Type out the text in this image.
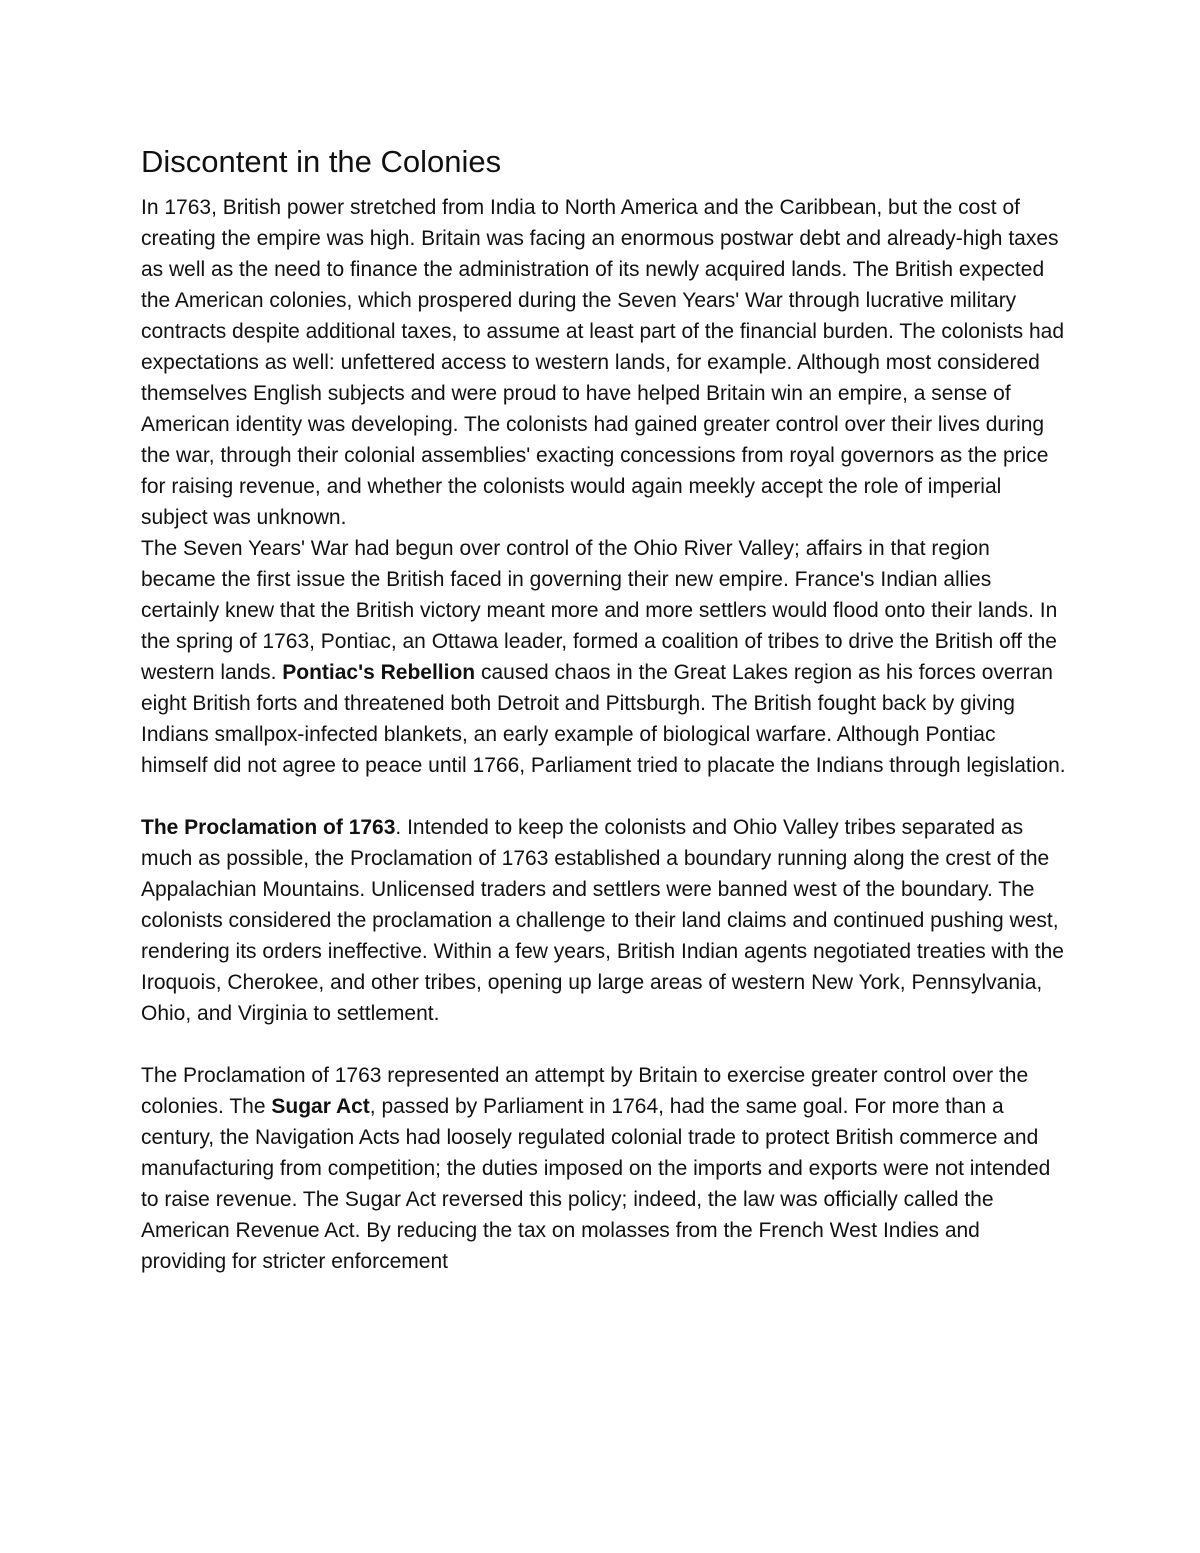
Discontent in the Colonies

In 1763, British power stretched from India to North America and the Caribbean, but the cost of creating the empire was high. Britain was facing an enormous postwar debt and already-high taxes as well as the need to finance the administration of its newly acquired lands. The British expected the American colonies, which prospered during the Seven Years' War through lucrative military contracts despite additional taxes, to assume at least part of the financial burden. The colonists had expectations as well: unfettered access to western lands, for example. Although most considered themselves English subjects and were proud to have helped Britain win an empire, a sense of American identity was developing. The colonists had gained greater control over their lives during the war, through their colonial assemblies' exacting concessions from royal governors as the price for raising revenue, and whether the colonists would again meekly accept the role of imperial subject was unknown.

The Seven Years' War had begun over control of the Ohio River Valley; affairs in that region became the first issue the British faced in governing their new empire. France's Indian allies certainly knew that the British victory meant more and more settlers would flood onto their lands. In the spring of 1763, Pontiac, an Ottawa leader, formed a coalition of tribes to drive the British off the western lands. Pontiac's Rebellion caused chaos in the Great Lakes region as his forces overran eight British forts and threatened both Detroit and Pittsburgh. The British fought back by giving Indians smallpox-infected blankets, an early example of biological warfare. Although Pontiac himself did not agree to peace until 1766, Parliament tried to placate the Indians through legislation.

The Proclamation of 1763. Intended to keep the colonists and Ohio Valley tribes separated as much as possible, the Proclamation of 1763 established a boundary running along the crest of the Appalachian Mountains. Unlicensed traders and settlers were banned west of the boundary. The colonists considered the proclamation a challenge to their land claims and continued pushing west, rendering its orders ineffective. Within a few years, British Indian agents negotiated treaties with the Iroquois, Cherokee, and other tribes, opening up large areas of western New York, Pennsylvania, Ohio, and Virginia to settlement.

The Proclamation of 1763 represented an attempt by Britain to exercise greater control over the colonies. The Sugar Act, passed by Parliament in 1764, had the same goal. For more than a century, the Navigation Acts had loosely regulated colonial trade to protect British commerce and manufacturing from competition; the duties imposed on the imports and exports were not intended to raise revenue. The Sugar Act reversed this policy; indeed, the law was officially called the American Revenue Act. By reducing the tax on molasses from the French West Indies and providing for stricter enforcement
